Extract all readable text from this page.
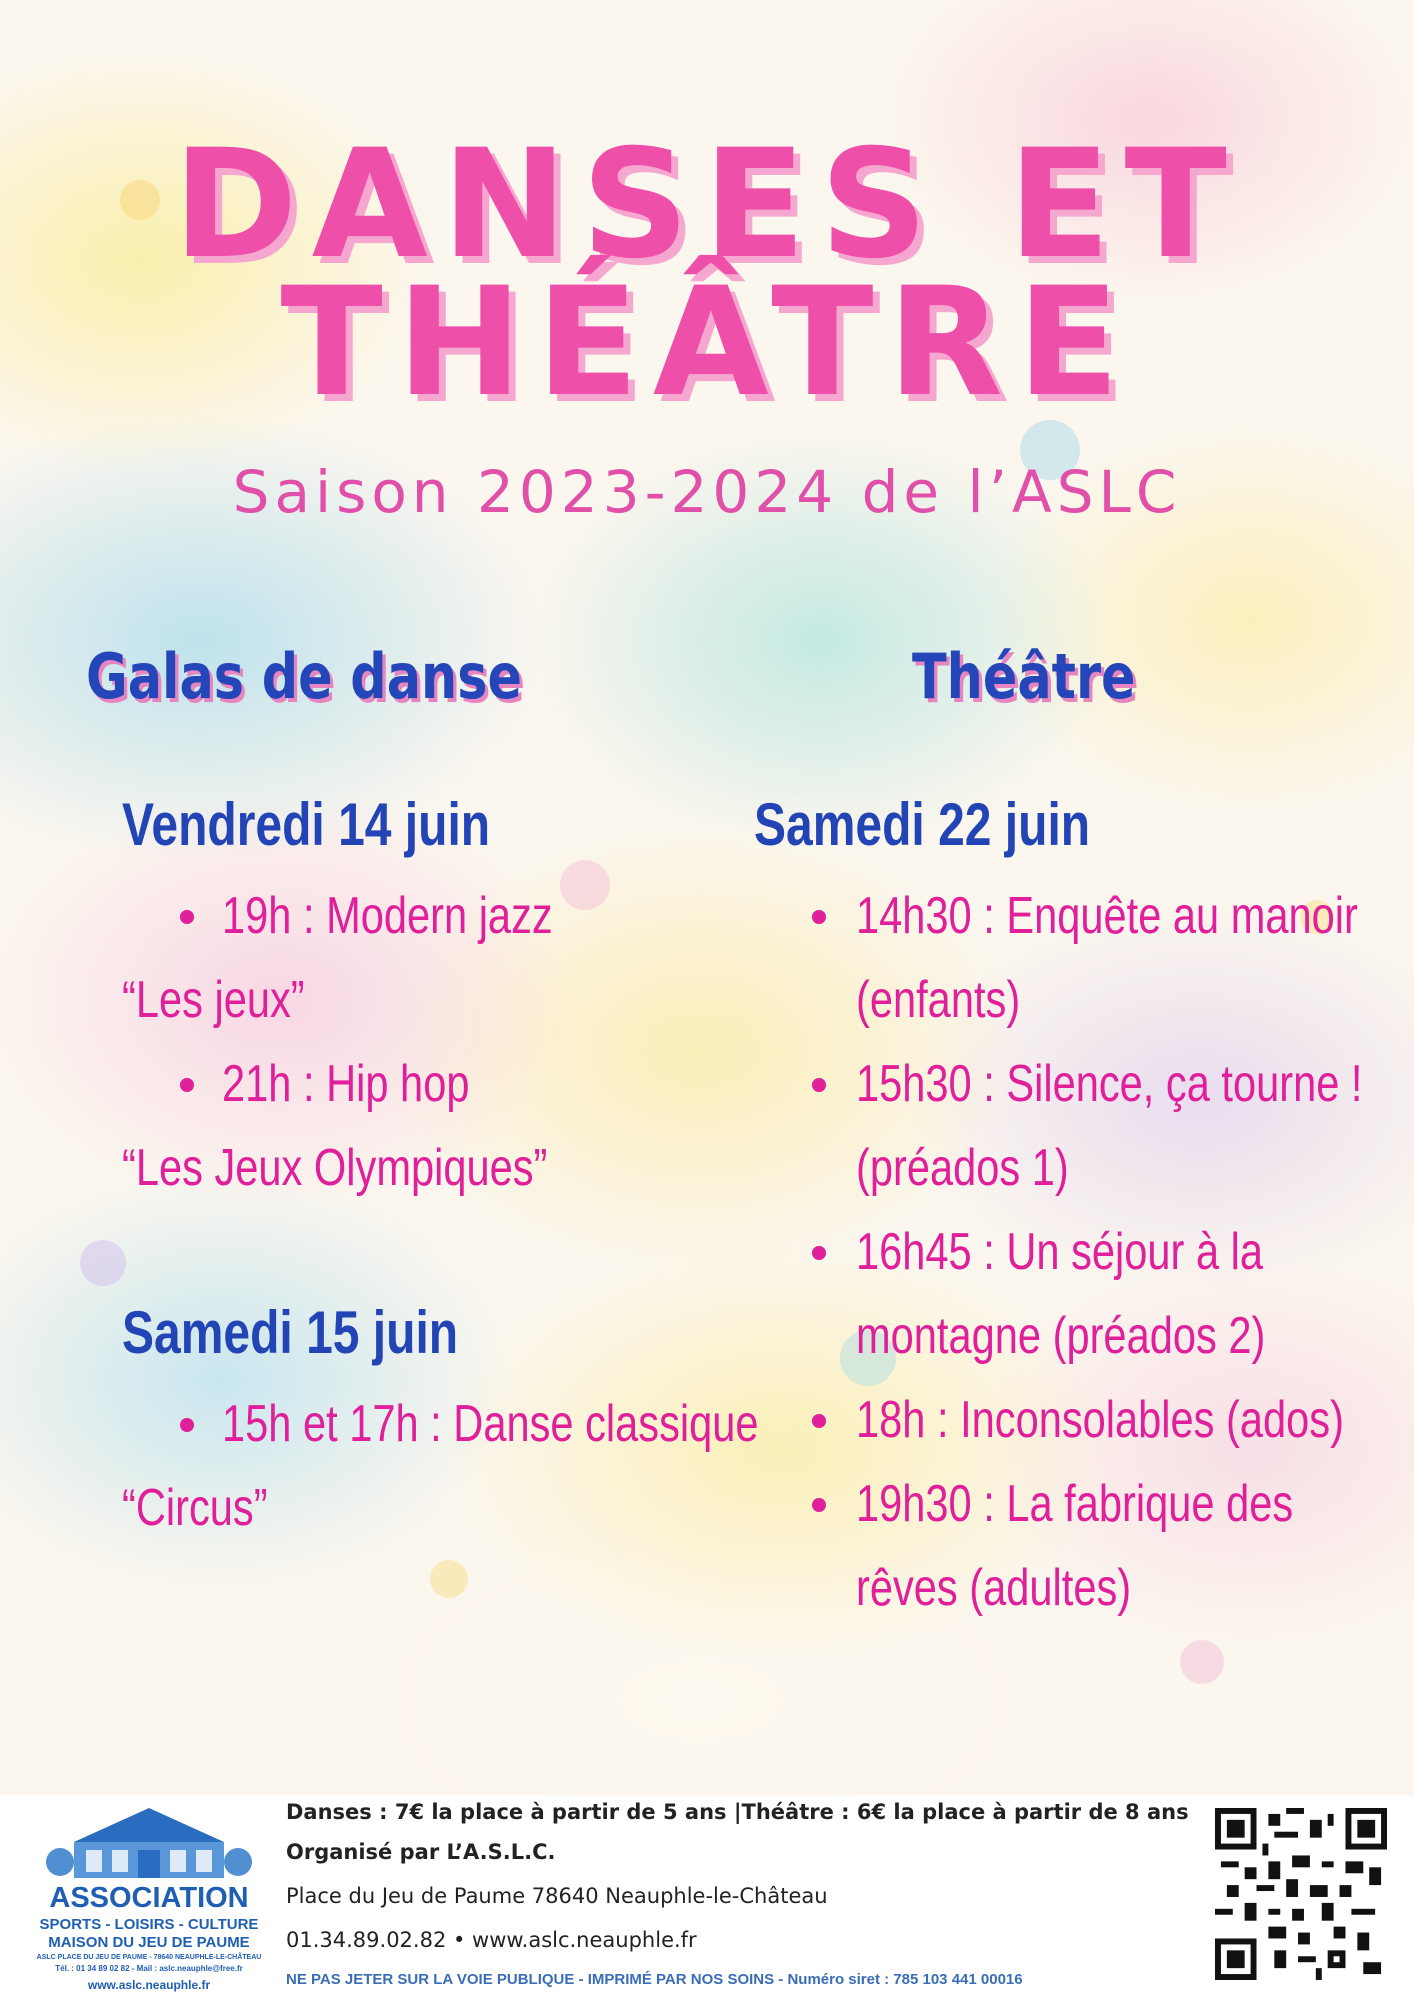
DANSES ET
THÉÂTRE

Saison 2023-2024 de l’ASLC

Galas de danse

Vendredi 14 juin

19h : Modern jazz

“Les jeux”

21h : Hip hop

“Les Jeux Olympiques”

Samedi 15 juin

15h et 17h : Danse classique

“Circus”

Théâtre

Samedi 22 juin

14h30 : Enquête au manoir

(enfants)

15h30 : Silence, ça tourne !

(préados 1)

16h45 : Un séjour à la

montagne (préados 2)

18h : Inconsolables (ados)

19h30 : La fabrique des

rêves (adultes)

ASSOCIATION

SPORTS - LOISIRS - CULTURE

MAISON DU JEU DE PAUME

ASLC PLACE DU JEU DE PAUME - 78640 NEAUPHLE-LE-CHÂTEAU

Tél. : 01 34 89 02 82 - Mail : aslc.neauphle@free.fr

www.aslc.neauphle.fr

Danses : 7€ la place à partir de 5 ans |Théâtre : 6€ la place à partir de 8 ans

Organisé par L’A.S.L.C.

Place du Jeu de Paume 78640 Neauphle-le-Château

01.34.89.02.82 • www.aslc.neauphle.fr

NE PAS JETER SUR LA VOIE PUBLIQUE - IMPRIMÉ PAR NOS SOINS - Numéro siret : 785 103 441 00016
